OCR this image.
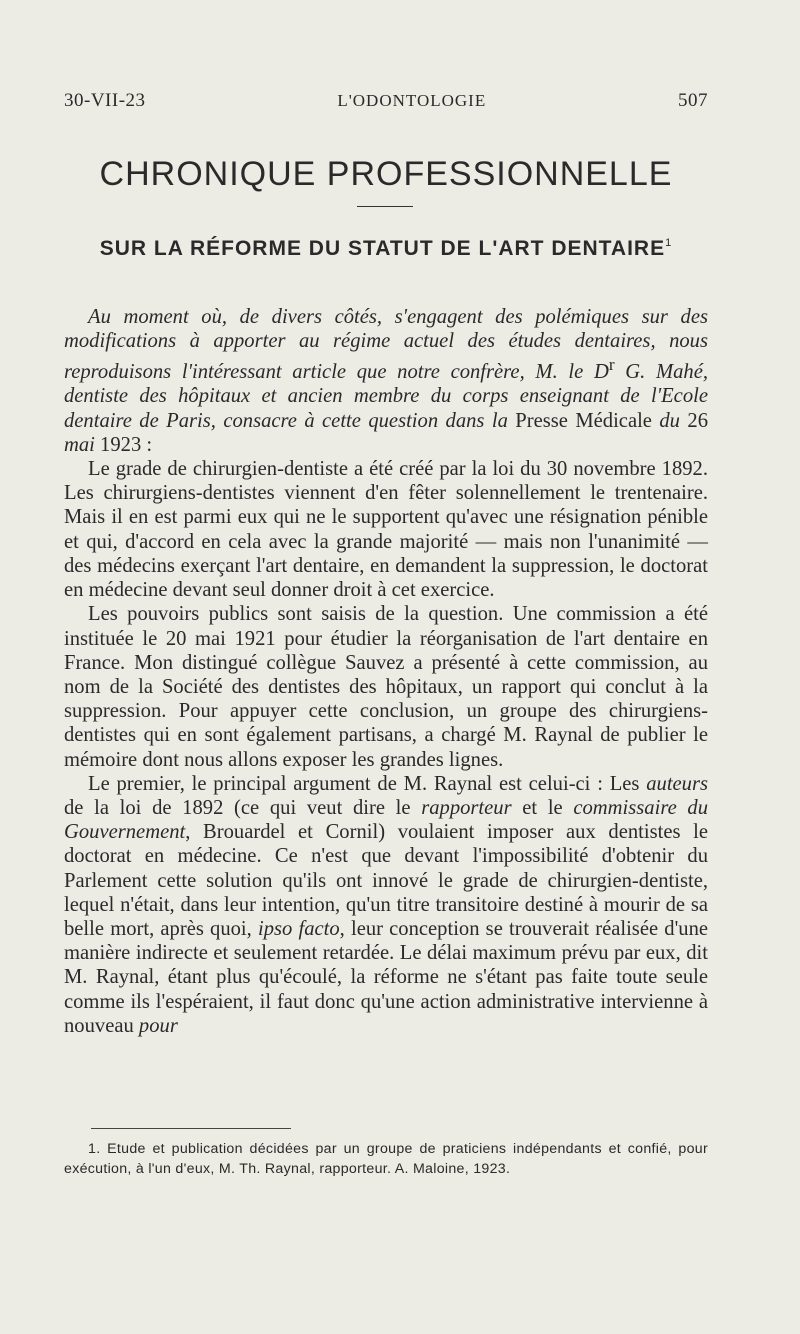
30-VII-23	L'ODONTOLOGIE	507
CHRONIQUE PROFESSIONNELLE
SUR LA RÉFORME DU STATUT DE L'ART DENTAIRE$^1$

Au moment où, de divers côtés, s'engagent des polémiques sur des modifications à apporter au régime actuel des études dentaires, nous reproduisons l'intéressant article que notre confrère, M. le $D^r$ G. Mahé, dentiste des hôpitaux et ancien membre du corps enseignant de l'Ecole dentaire de Paris, consacre à cette question dans la Presse Médicale du 26 mai 1923 :

Le grade de chirurgien-dentiste a été créé par la loi du 30 novembre 1892. Les chirurgiens-dentistes viennent d'en fêter solennellement le trentenaire. Mais il en est parmi eux qui ne le supportent qu'avec une résignation pénible et qui, d'accord en cela avec la grande majorité — mais non l'unanimité — des médecins exerçant l'art dentaire, en demandent la suppression, le doctorat en médecine devant seul donner droit à cet exercice.

Les pouvoirs publics sont saisis de la question. Une commission a été instituée le 20 mai 1921 pour étudier la réorganisation de l'art dentaire en France. Mon distingué collègue Sauvez a présenté à cette commission, au nom de la Société des dentistes des hôpitaux, un rapport qui conclut à la suppression. Pour appuyer cette conclusion, un groupe des chirurgiens-dentistes qui en sont également partisans, a chargé M. Raynal de publier le mémoire dont nous allons exposer les grandes lignes.

Le premier, le principal argument de M. Raynal est celui-ci : Les auteurs de la loi de 1892 (ce qui veut dire le rapporteur et le commissaire du Gouvernement, Brouardel et Cornil) voulaient imposer aux dentistes le doctorat en médecine. Ce n'est que devant l'impossibilité d'obtenir du Parlement cette solution qu'ils ont innové le grade de chirurgien-dentiste, lequel n'était, dans leur intention, qu'un titre transitoire destiné à mourir de sa belle mort, après quoi, ipso facto, leur conception se trouverait réalisée d'une manière indirecte et seulement retardée. Le délai maximum prévu par eux, dit M. Raynal, étant plus qu'écoulé, la réforme ne s'étant pas faite toute seule comme ils l'espéraient, il faut donc qu'une action administrative intervienne à nouveau pour

1. Etude et publication décidées par un groupe de praticiens indépendants et confié, pour exécution, à l'un d'eux, M. Th. Raynal, rapporteur. A. Maloine, 1923.
